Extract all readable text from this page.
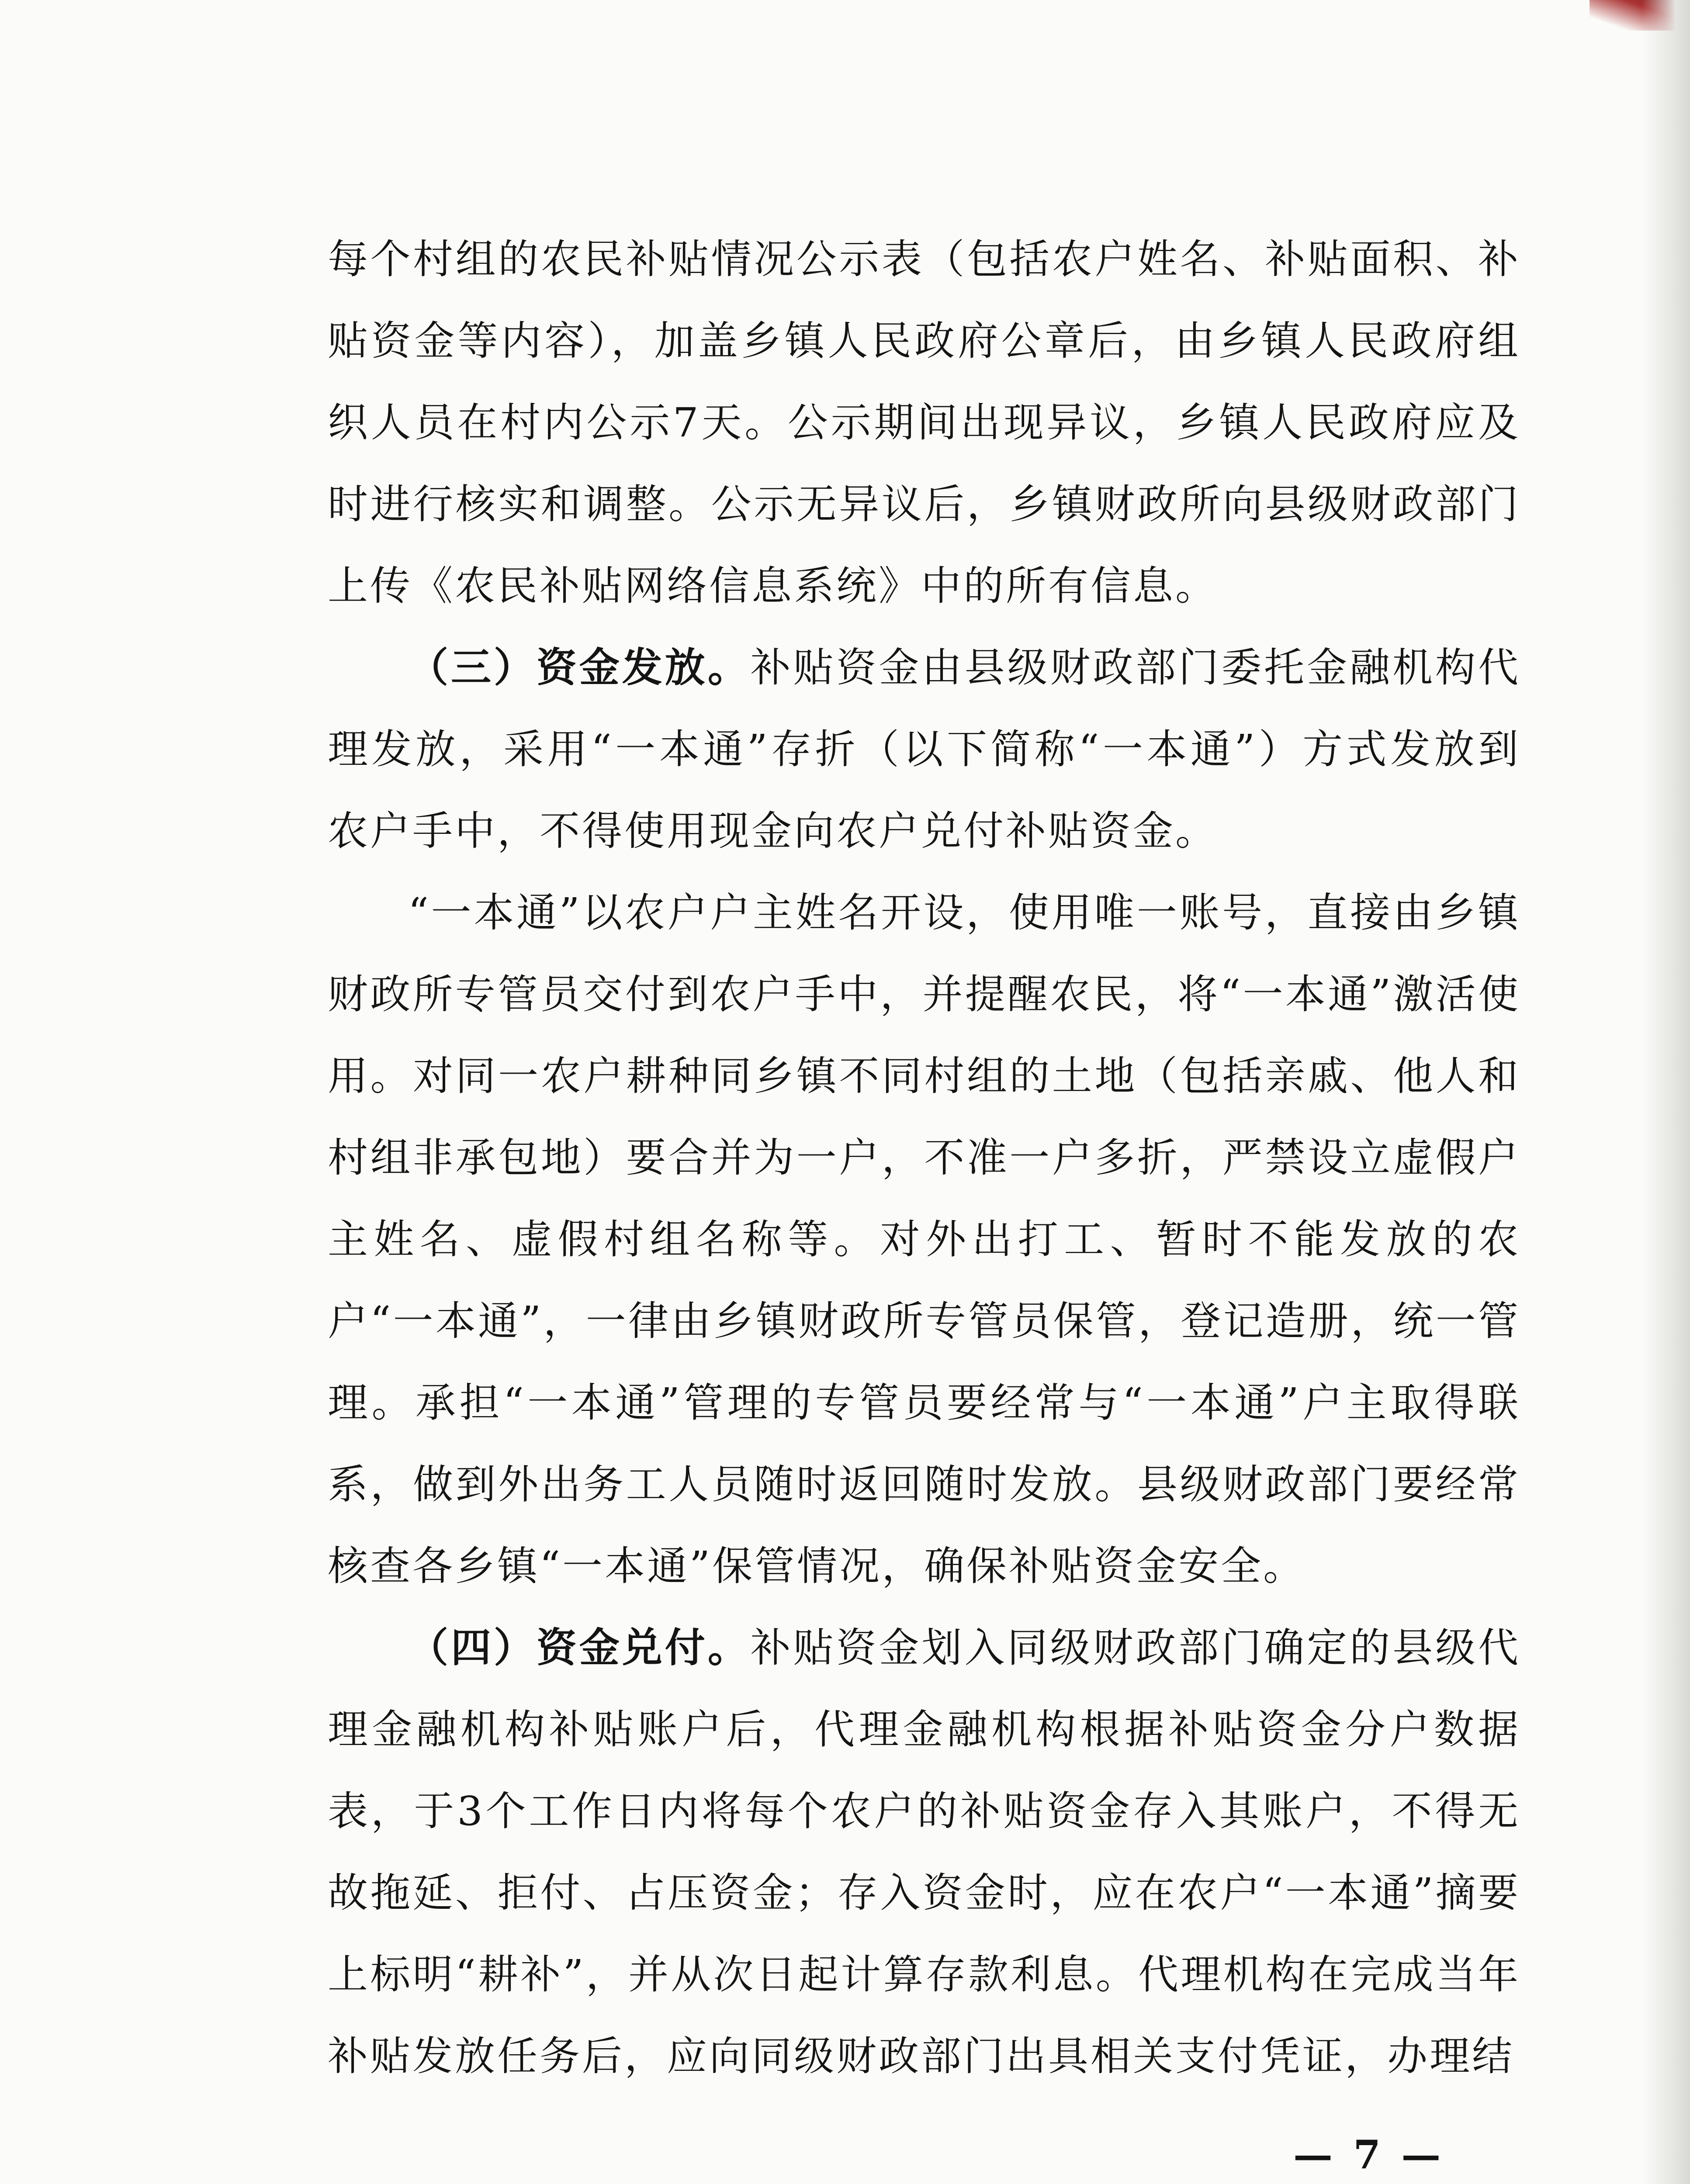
每个村组的农民补贴情况公示表（包括农户姓名、补贴面积、补贴资金等内容），加盖乡镇人民政府公章后，由乡镇人民政府组织人员在村内公示7天。公示期间出现异议，乡镇人民政府应及时进行核实和调整。公示无异议后，乡镇财政所向县级财政部门上传《农民补贴网络信息系统》中的所有信息。

（三）资金发放。补贴资金由县级财政部门委托金融机构代理发放，采用“一本通”存折（以下简称“一本通”）方式发放到农户手中，不得使用现金向农户兑付补贴资金。

“一本通”以农户户主姓名开设，使用唯一账号，直接由乡镇财政所专管员交付到农户手中，并提醒农民，将“一本通”激活使用。对同一农户耕种同乡镇不同村组的土地（包括亲戚、他人和村组非承包地）要合并为一户，不准一户多折，严禁设立虚假户主姓名、虚假村组名称等。对外出打工、暂时不能发放的农户“一本通”，一律由乡镇财政所专管员保管，登记造册，统一管理。承担“一本通”管理的专管员要经常与“一本通”户主取得联系，做到外出务工人员随时返回随时发放。县级财政部门要经常核查各乡镇“一本通”保管情况，确保补贴资金安全。

（四）资金兑付。补贴资金划入同级财政部门确定的县级代理金融机构补贴账户后，代理金融机构根据补贴资金分户数据表，于3个工作日内将每个农户的补贴资金存入其账户，不得无故拖延、拒付、占压资金；存入资金时，应在农户“一本通”摘要上标明“耕补”，并从次日起计算存款利息。代理机构在完成当年补贴发放任务后，应向同级财政部门出具相关支付凭证，办理结

— 7 —
